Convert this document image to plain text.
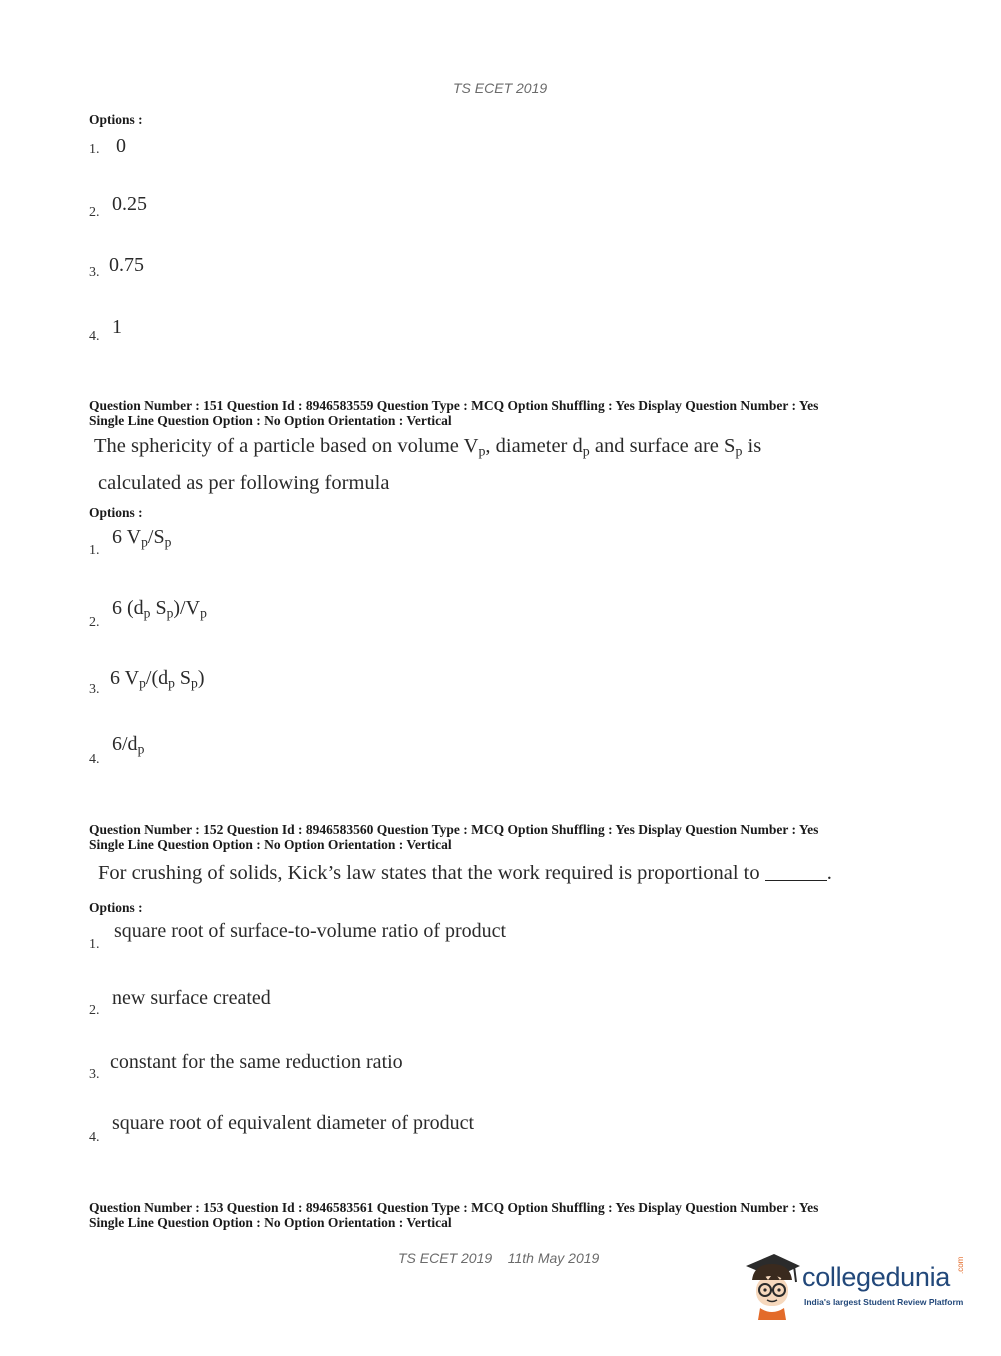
TS ECET 2019
Options :
1. 0
2. 0.25
3. 0.75
4. 1
Question Number : 151 Question Id : 8946583559 Question Type : MCQ Option Shuffling : Yes Display Question Number : Yes
Single Line Question Option : No Option Orientation : Vertical
The sphericity of a particle based on volume $V_p$, diameter $d_p$ and surface are $S_p$ is
calculated as per following formula
Options :
1.
6 $V_p/S_p$
2.
6 ($d_p$ $S_p)/V_p$
3.
6 $V_p/(d_p$ $S_p$)
4.
$6/d_p$
Question Number : 152 Question Id : 8946583560 Question Type : MCQ Option Shuffling : Yes Display Question Number : Yes
Single Line Question Option : No Option Orientation : Vertical
For crushing of solids, Kick’s law states that the work required is proportional to	.
Options :
1.
square root of surface-to-volume ratio of product
2.
new surface created
3.
constant for the same reduction ratio
4.
square root of equivalent diameter of product
Question Number : 153 Question Id : 8946583561 Question Type : MCQ Option Shuffling : Yes Display Question Number : Yes
Single Line Question Option : No Option Orientation : Vertical
TS ECET 2019 11th May 2019
collegedunia .com
India's largest Student Review Platform
